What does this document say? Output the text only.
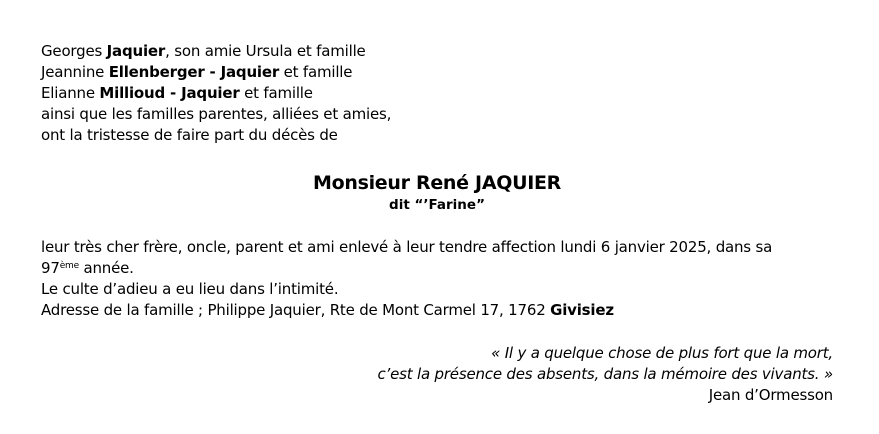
Georges Jaquier, son amie Ursula et famille
Jeannine Ellenberger - Jaquier et famille
Elianne Millioud - Jaquier et famille
ainsi que les familles parentes, alliées et amies,
ont la tristesse de faire part du décès de
Monsieur René JAQUIER
dit “’Farine”
leur très cher frère, oncle, parent et ami enlevé à leur tendre affection lundi 6 janvier 2025, dans sa
97ème année.
Le culte d’adieu a eu lieu dans l’intimité.
Adresse de la famille ; Philippe Jaquier, Rte de Mont Carmel 17, 1762 Givisiez
« Il y a quelque chose de plus fort que la mort,
c’est la présence des absents, dans la mémoire des vivants. »
Jean d’Ormesson
